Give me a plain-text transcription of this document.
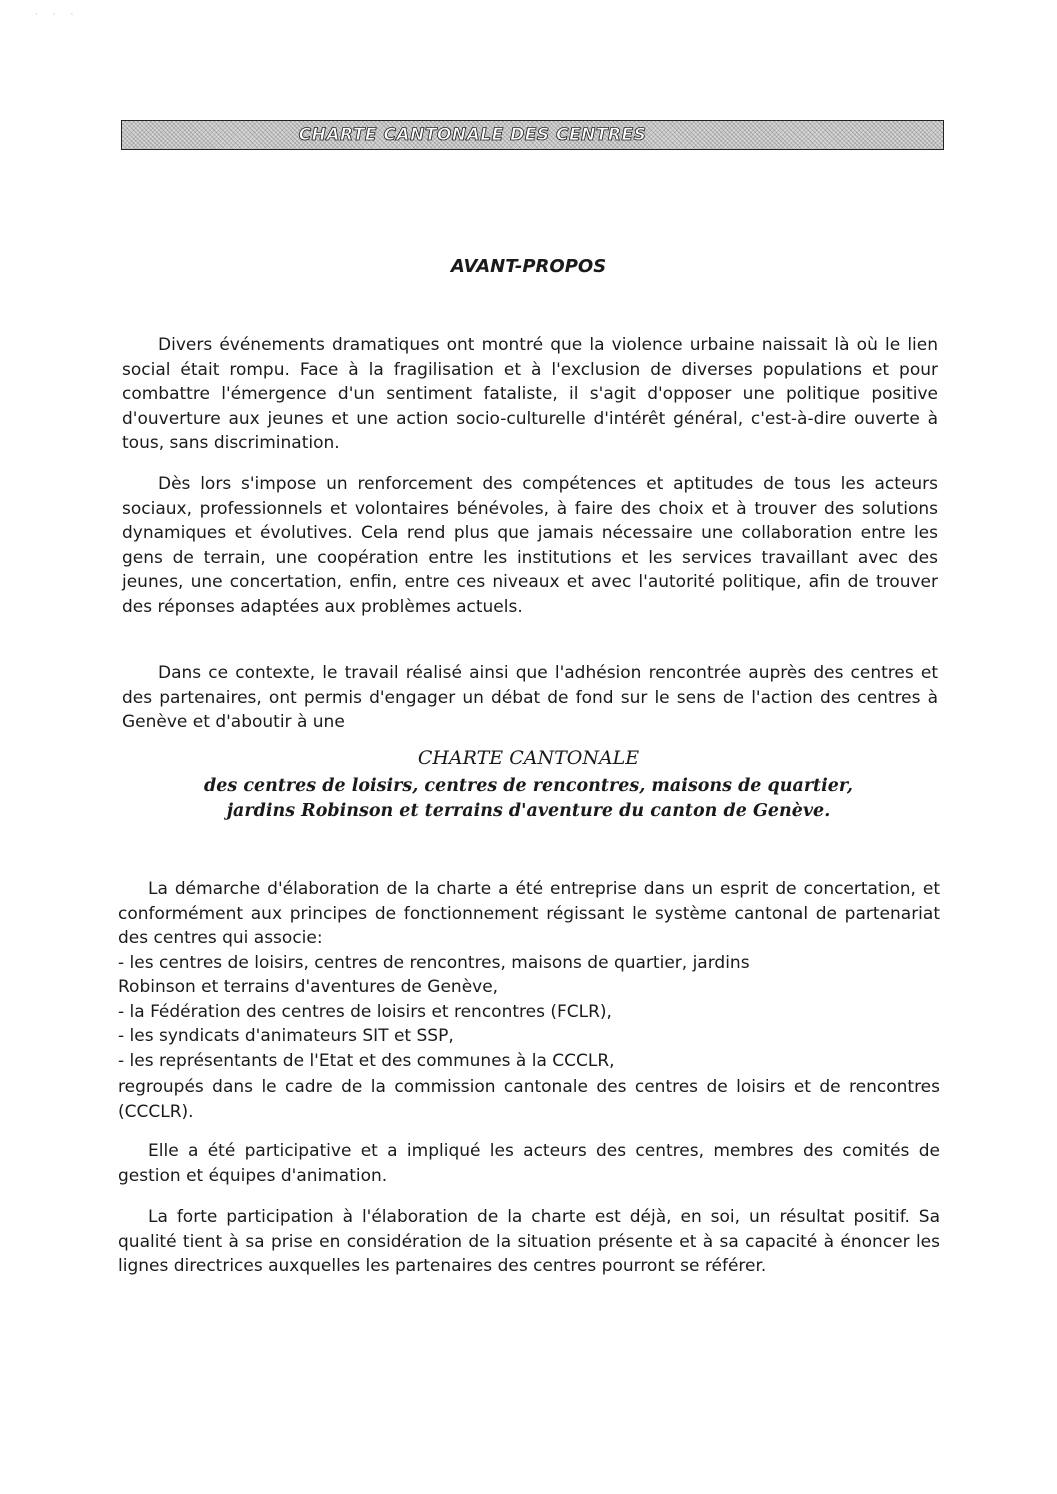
· · ·
CHARTE CANTONALE DES CENTRES
AVANT-PROPOS

Divers événements dramatiques ont montré que la violence urbaine naissait là où le lien social était rompu. Face à la fragilisation et à l'exclusion de diverses populations et pour combattre l'émergence d'un sentiment fataliste, il s'agit d'opposer une politique positive d'ouverture aux jeunes et une action socio-culturelle d'intérêt général, c'est-à-dire ouverte à tous, sans discrimination.

Dès lors s'impose un renforcement des compétences et aptitudes de tous les acteurs sociaux, professionnels et volontaires bénévoles, à faire des choix et à trouver des solutions dynamiques et évolutives. Cela rend plus que jamais nécessaire une collaboration entre les gens de terrain, une coopération entre les institutions et les services travaillant avec des jeunes, une concertation, enfin, entre ces niveaux et avec l'autorité politique, afin de trouver des réponses adaptées aux problèmes actuels.

Dans ce contexte, le travail réalisé ainsi que l'adhésion rencontrée auprès des centres et des partenaires, ont permis d'engager un débat de fond sur le sens de l'action des centres à Genève et d'aboutir à une

CHARTE CANTONALE
des centres de loisirs, centres de rencontres, maisons de quartier,
jardins Robinson et terrains d'aventure du canton de Genève.

La démarche d'élaboration de la charte a été entreprise dans un esprit de concertation, et conformément aux principes de fonctionnement régissant le système cantonal de partenariat des centres qui associe:

- les centres de loisirs, centres de rencontres, maisons de quartier, jardins

Robinson et terrains d'aventures de Genève,

- la Fédération des centres de loisirs et rencontres (FCLR),

- les syndicats d'animateurs SIT et SSP,

- les représentants de l'Etat et des communes à la CCCLR,

regroupés dans le cadre de la commission cantonale des centres de loisirs et de rencontres (CCCLR).

Elle a été participative et a impliqué les acteurs des centres, membres des comités de gestion et équipes d'animation.

La forte participation à l'élaboration de la charte est déjà, en soi, un résultat positif. Sa qualité tient à sa prise en considération de la situation présente et à sa capacité à énoncer les lignes directrices auxquelles les partenaires des centres pourront se référer.
